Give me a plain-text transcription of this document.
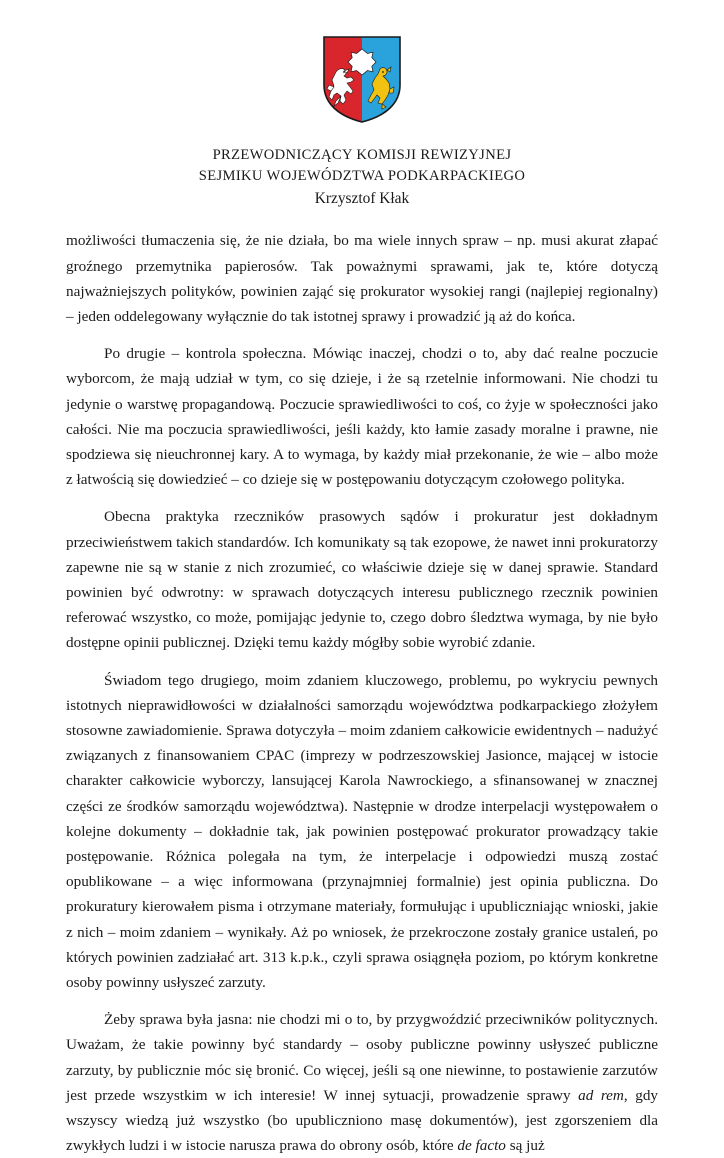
PRZEWODNICZĄCY KOMISJI REWIZYJNEJ
SEJMIKU WOJEWÓDZTWA PODKARPACKIEGO
Krzysztof Kłak

możliwości tłumaczenia się, że nie działa, bo ma wiele innych spraw – np. musi akurat złapać groźnego przemytnika papierosów. Tak poważnymi sprawami, jak te, które dotyczą najważniejszych polityków, powinien zająć się prokurator wysokiej rangi (najlepiej regionalny) – jeden oddelegowany wyłącznie do tak istotnej sprawy i prowadzić ją aż do końca.

Po drugie – kontrola społeczna. Mówiąc inaczej, chodzi o to, aby dać realne poczucie wyborcom, że mają udział w tym, co się dzieje, i że są rzetelnie informowani. Nie chodzi tu jedynie o warstwę propagandową. Poczucie sprawiedliwości to coś, co żyje w społeczności jako całości. Nie ma poczucia sprawiedliwości, jeśli każdy, kto łamie zasady moralne i prawne, nie spodziewa się nieuchronnej kary. A to wymaga, by każdy miał przekonanie, że wie – albo może z łatwością się dowiedzieć – co dzieje się w postępowaniu dotyczącym czołowego polityka.

Obecna praktyka rzeczników prasowych sądów i prokuratur jest dokładnym przeciwieństwem takich standardów. Ich komunikaty są tak ezopowe, że nawet inni prokuratorzy zapewne nie są w stanie z nich zrozumieć, co właściwie dzieje się w danej sprawie. Standard powinien być odwrotny: w sprawach dotyczących interesu publicznego rzecznik powinien referować wszystko, co może, pomijając jedynie to, czego dobro śledztwa wymaga, by nie było dostępne opinii publicznej. Dzięki temu każdy mógłby sobie wyrobić zdanie.

Świadom tego drugiego, moim zdaniem kluczowego, problemu, po wykryciu pewnych istotnych nieprawidłowości w działalności samorządu województwa podkarpackiego złożyłem stosowne zawiadomienie. Sprawa dotyczyła – moim zdaniem całkowicie ewidentnych – nadużyć związanych z finansowaniem CPAC (imprezy w podrzeszowskiej Jasionce, mającej w istocie charakter całkowicie wyborczy, lansującej Karola Nawrockiego, a sfinansowanej w znacznej części ze środków samorządu województwa). Następnie w drodze interpelacji występowałem o kolejne dokumenty – dokładnie tak, jak powinien postępować prokurator prowadzący takie postępowanie. Różnica polegała na tym, że interpelacje i odpowiedzi muszą zostać opublikowane – a więc informowana (przynajmniej formalnie) jest opinia publiczna. Do prokuratury kierowałem pisma i otrzymane materiały, formułując i upubliczniając wnioski, jakie z nich – moim zdaniem – wynikały. Aż po wniosek, że przekroczone zostały granice ustaleń, po których powinien zadziałać art. 313 k.p.k., czyli sprawa osiągnęła poziom, po którym konkretne osoby powinny usłyszeć zarzuty.

Żeby sprawa była jasna: nie chodzi mi o to, by przygwoździć przeciwników politycznych. Uważam, że takie powinny być standardy – osoby publiczne powinny usłyszeć publiczne zarzuty, by publicznie móc się bronić. Co więcej, jeśli są one niewinne, to postawienie zarzutów jest przede wszystkim w ich interesie! W innej sytuacji, prowadzenie sprawy ad rem, gdy wszyscy wiedzą już wszystko (bo upubliczniono masę dokumentów), jest zgorszeniem dla zwykłych ludzi i w istocie narusza prawa do obrony osób, które de facto są już
